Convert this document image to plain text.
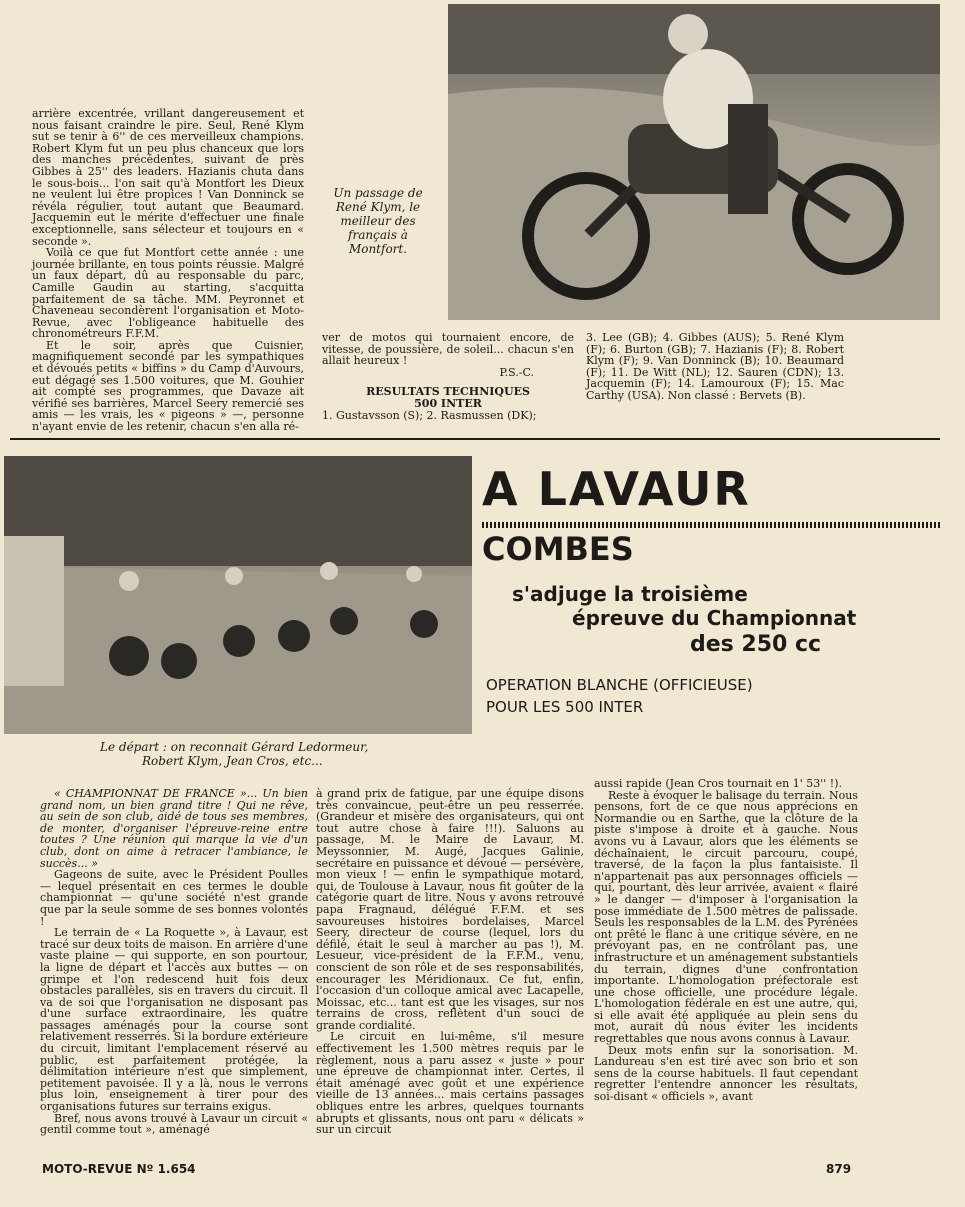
arrière excentrée, vrillant dangereusement et nous faisant craindre le pire. Seul, René Klym sut se tenir à 6'' de ces merveilleux champions. Robert Klym fut un peu plus chanceux que lors des manches précédentes, suivant de près Gibbes à 25'' des leaders. Hazianis chuta dans le sous-bois... l'on sait qu'à Montfort les Dieux ne veulent lui être propices ! Van Donninck se révéla régulier, tout autant que Beaumard. Jacquemin eut le mérite d'effectuer une finale exceptionnelle, sans sélecteur et toujours en « seconde ».

Voilà ce que fut Montfort cette année : une journée brillante, en tous points réussie. Malgré un faux départ, dû au responsable du parc, Camille Gaudin au starting, s'acquitta parfaitement de sa tâche. MM. Peyronnet et Chaveneau secondèrent l'organisation et Moto-Revue, avec l'obligeance habituelle des chronométreurs F.F.M.

Et le soir, après que Cuisnier, magnifiquement secondé par les sympathiques et dévoués petits « biffins » du Camp d'Auvours, eut dégagé ses 1.500 voitures, que M. Gouhier ait compté ses programmes, que Davaze ait vérifié ses barrières, Marcel Seery remercié ses amis — les vrais, les « pigeons » —, personne n'ayant envie de les retenir, chacun s'en alla ré-

Un passage de René Klym, le meilleur des français à Montfort.

ver de motos qui tournaient encore, de vitesse, de poussière, de soleil... chacun s'en allait heureux !

P.S.-C.
RESULTATS TECHNIQUES
500 INTER

1. Gustavsson (S); 2. Rasmussen (DK);

3. Lee (GB); 4. Gibbes (AUS); 5. René Klym (F); 6. Burton (GB); 7. Hazianis (F); 8. Robert Klym (F); 9. Van Donninck (B); 10. Beaumard (F); 11. De Witt (NL); 12. Sauren (CDN); 13. Jacquemin (F); 14. Lamouroux (F); 15. Mac Carthy (USA). Non classé : Bervets (B).

A LAVAUR
COMBES
s'adjuge la troisième
épreuve du Championnat
des 250 cc
OPERATION BLANCHE (OFFICIEUSE)
POUR LES 500 INTER
Le départ : on reconnait Gérard Ledormeur,
Robert Klym, Jean Cros, etc...

« CHAMPIONNAT DE FRANCE »... Un bien grand nom, un bien grand titre ! Qui ne rêve, au sein de son club, aidé de tous ses membres, de monter, d'organiser l'épreuve-reine entre toutes ? Une réunion qui marque la vie d'un club, dont on aime à retracer l'ambiance, le succès... »

Gageons de suite, avec le Président Poulles — lequel présentait en ces termes le double championnat — qu'une société n'est grande que par la seule somme de ses bonnes volontés !

Le terrain de « La Roquette », à Lavaur, est tracé sur deux toits de maison. En arrière d'une vaste plaine — qui supporte, en son pourtour, la ligne de départ et l'accès aux buttes — on grimpe et l'on redescend huit fois deux obstacles parallèles, sis en travers du circuit. Il va de soi que l'organisation ne disposant pas d'une surface extraordinaire, les quatre passages aménagés pour la course sont relativement resserrés. Si la bordure extérieure du circuit, limitant l'emplacement réservé au public, est parfaitement protégée, la délimitation intérieure n'est que simplement, petitement pavoisée. Il y a là, nous le verrons plus loin, enseignement à tirer pour des organisations futures sur terrains exigus.

Bref, nous avons trouvé à Lavaur un circuit « gentil comme tout », aménagé

à grand prix de fatigue, par une équipe disons très convaincue, peut-être un peu resserrée. (Grandeur et misère des organisateurs, qui ont tout autre chose à faire !!!). Saluons au passage, M. le Maire de Lavaur, M. Meyssonnier, M. Augé, Jacques Galinie, secrétaire en puissance et dévoué — persévère, mon vieux ! — enfin le sympathique motard, qui, de Toulouse à Lavaur, nous fit goûter de la catégorie quart de litre. Nous y avons retrouvé papa Fragnaud, délégué F.F.M. et ses savoureuses histoires bordelaises, Marcel Seery, directeur de course (lequel, lors du défilé, était le seul à marcher au pas !), M. Lesueur, vice-président de la F.F.M., venu, conscient de son rôle et de ses responsabilités, encourager les Méridionaux. Ce fut, enfin, l'occasion d'un colloque amical avec Lacapelle, Moissac, etc... tant est que les visages, sur nos terrains de cross, reflètent d'un souci de grande cordialité.

Le circuit en lui-même, s'il mesure effectivement les 1.500 mètres requis par le règlement, nous a paru assez « juste » pour une épreuve de championnat inter. Certes, il était aménagé avec goût et une expérience vieille de 13 années... mais certains passages obliques entre les arbres, quelques tournants abrupts et glissants, nous ont paru « délicats » sur un circuit

aussi rapide (Jean Cros tournait en 1' 53'' !).

Reste à évoquer le balisage du terrain. Nous pensons, fort de ce que nous apprécions en Normandie ou en Sarthe, que la clôture de la piste s'impose à droite et à gauche. Nous avons vu à Lavaur, alors que les éléments se déchaînaient, le circuit parcouru, coupé, traversé, de la façon la plus fantaisiste. Il n'appartenait pas aux personnages officiels — qui, pourtant, dès leur arrivée, avaient « flairé » le danger — d'imposer à l'organisation la pose immédiate de 1.500 mètres de palissade. Seuls les responsables de la L.M. des Pyrénées ont prêté le flanc à une critique sévère, en ne prévoyant pas, en ne contrôlant pas, une infrastructure et un aménagement substantiels du terrain, dignes d'une confrontation importante. L'homologation préfectorale est une chose officielle, une procédure légale. L'homologation fédérale en est une autre, qui, si elle avait été appliquée au plein sens du mot, aurait dû nous éviter les incidents regrettables que nous avons connus à Lavaur.

Deux mots enfin sur la sonorisation. M. Landureau s'en est tiré avec son brio et son sens de la course habituels. Il faut cependant regretter l'entendre annoncer les résultats, soi-disant « officiels », avant

MOTO-REVUE Nº 1.654	879
